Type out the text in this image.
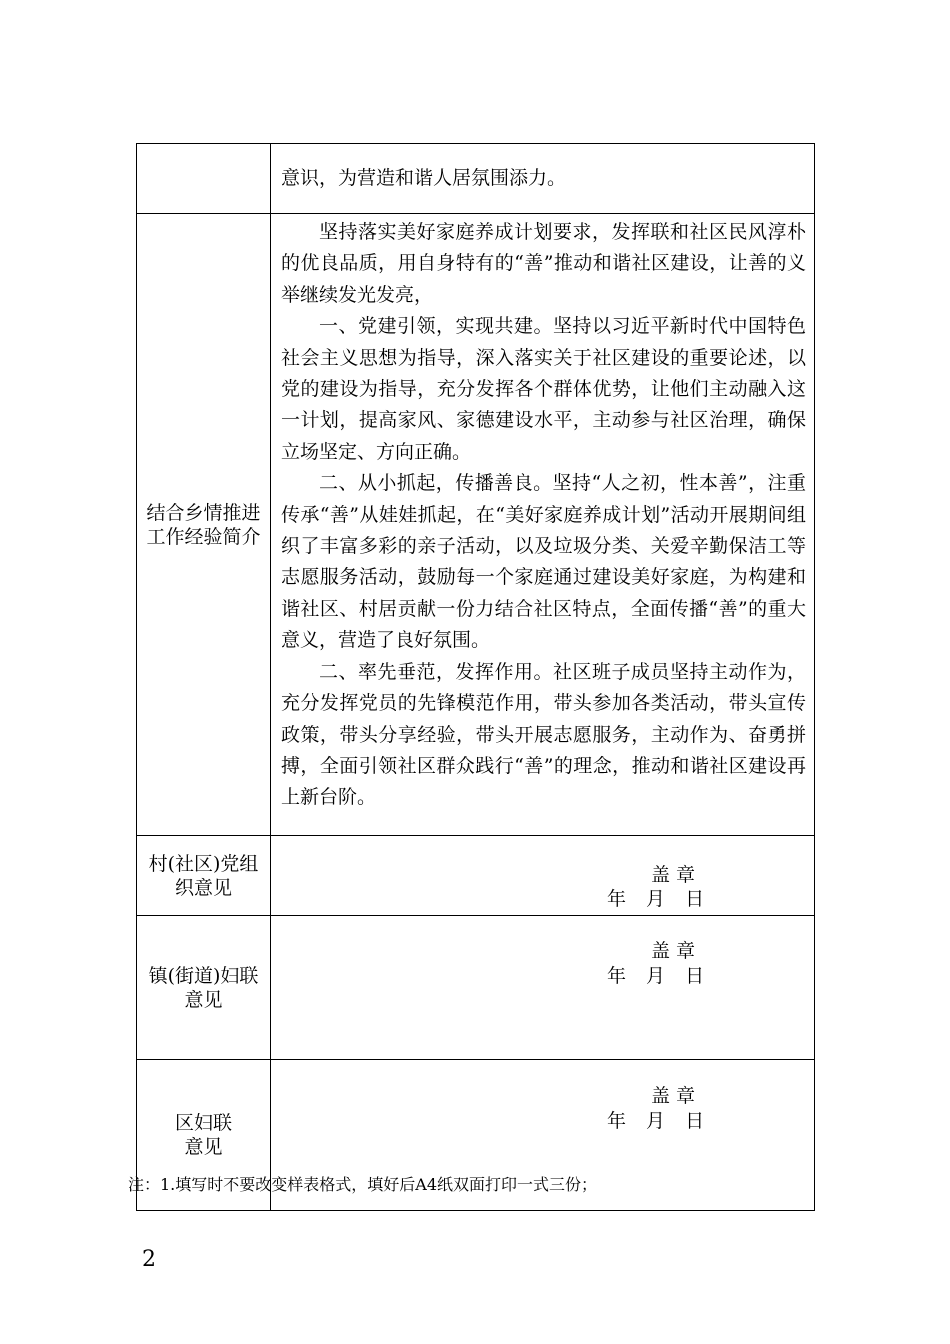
	意识，为营造和谐人居氛围添力。

结合乡情推进工作经验简介	坚持落实美好家庭养成计划要求，发挥联和社区民风淳朴的优良品质，用自身特有的“善”推动和谐社区建设，让善的义举继续发光发亮，

一、党建引领，实现共建。坚持以习近平新时代中国特色社会主义思想为指导，深入落实关于社区建设的重要论述，以党的建设为指导，充分发挥各个群体优势，让他们主动融入这一计划，提高家风、家德建设水平，主动参与社区治理，确保立场坚定、方向正确。

二、从小抓起，传播善良。坚持“人之初，性本善”，注重传承“善”从娃娃抓起，在“美好家庭养成计划”活动开展期间组织了丰富多彩的亲子活动，以及垃圾分类、关爱辛勤保洁工等志愿服务活动，鼓励每一个家庭通过建设美好家庭，为构建和谐社区、村居贡献一份力结合社区特点，全面传播“善”的重大意义，营造了良好氛围。

二、率先垂范，发挥作用。社区班子成员坚持主动作为，充分发挥党员的先锋模范作用，带头参加各类活动，带头宣传政策，带头分享经验，带头开展志愿服务，主动作为、奋勇拼搏，全面引领社区群众践行“善”的理念，推动和谐社区建设再上新台阶。

村(社区)党组织意见	盖章
年 月 日

镇(街道)妇联意见	盖章
年 月 日

区妇联意见	盖章
年 月 日
注：1.填写时不要改变样表格式，填好后A4纸双面打印一式三份；
2
